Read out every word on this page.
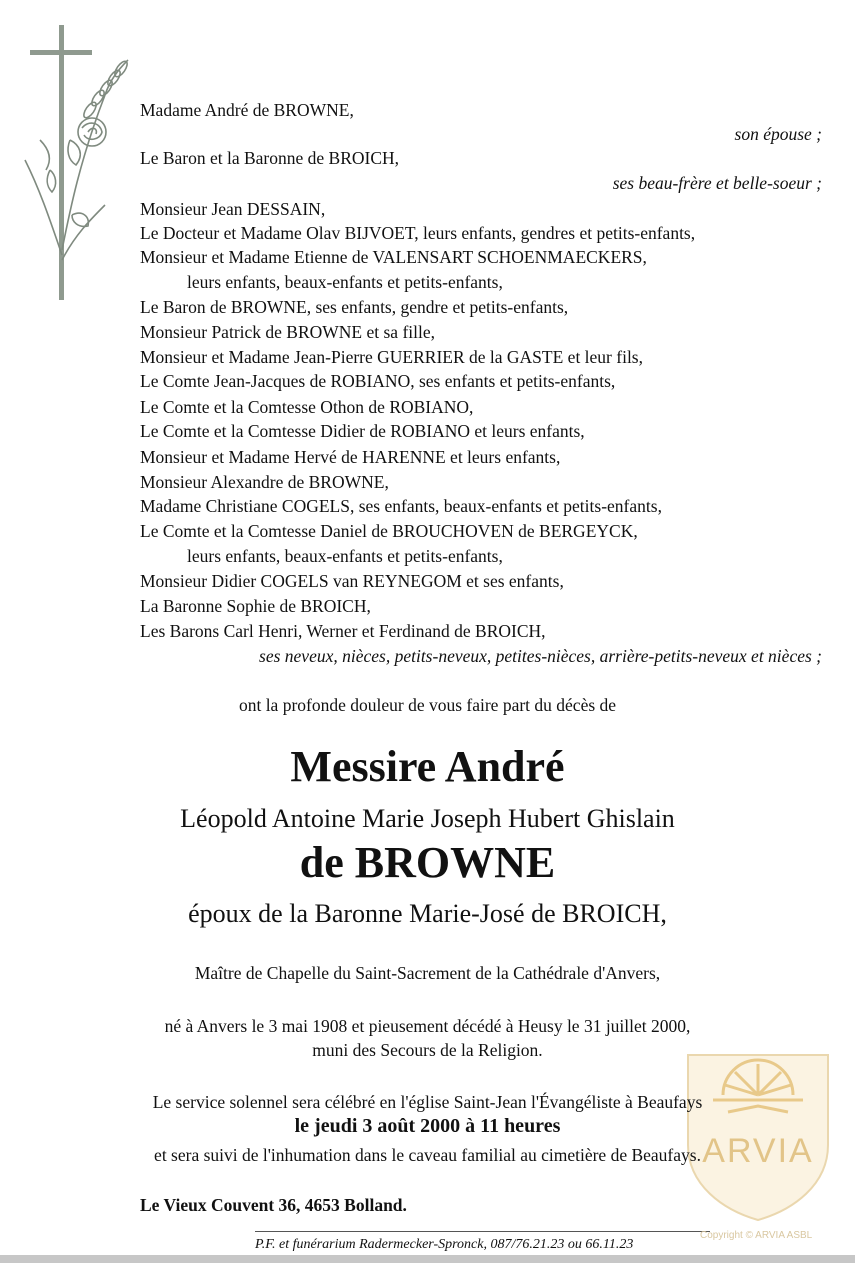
Madame André de BROWNE,
son épouse ;
Le Baron et la Baronne de BROICH,
ses beau-frère et belle-soeur ;
Monsieur Jean DESSAIN,
Le Docteur et Madame Olav BIJVOET, leurs enfants, gendres et petits-enfants,
Monsieur et Madame Etienne de VALENSART SCHOENMAECKERS,
leurs enfants, beaux-enfants et petits-enfants,
Le Baron de BROWNE, ses enfants, gendre et petits-enfants,
Monsieur Patrick de BROWNE et sa fille,
Monsieur et Madame Jean-Pierre GUERRIER de la GASTE et leur fils,
Le Comte Jean-Jacques de ROBIANO, ses enfants et petits-enfants,
Le Comte et la Comtesse Othon de ROBIANO,
Le Comte et la Comtesse Didier de ROBIANO et leurs enfants,
Monsieur et Madame Hervé de HARENNE et leurs enfants,
Monsieur Alexandre de BROWNE,
Madame Christiane COGELS, ses enfants, beaux-enfants et petits-enfants,
Le Comte et la Comtesse Daniel de BROUCHOVEN de BERGEYCK,
leurs enfants, beaux-enfants et petits-enfants,
Monsieur Didier COGELS van REYNEGOM et ses enfants,
La Baronne Sophie de BROICH,
Les Barons Carl Henri, Werner et Ferdinand de BROICH,
ses neveux, nièces, petits-neveux, petites-nièces, arrière-petits-neveux et nièces ;
ont la profonde douleur de vous faire part du décès de
Messire André
Léopold Antoine Marie Joseph Hubert Ghislain
de BROWNE
époux de la Baronne Marie-José de BROICH,
Maître de Chapelle du Saint-Sacrement de la Cathédrale d'Anvers,
né à Anvers le 3 mai 1908 et pieusement décédé à Heusy le 31 juillet 2000,
muni des Secours de la Religion.
ARVIA
Le service solennel sera célébré en l'église Saint-Jean l'Évangéliste à Beaufays
le jeudi 3 août 2000 à 11 heures
et sera suivi de l'inhumation dans le caveau familial au cimetière de Beaufays.
Le Vieux Couvent 36, 4653 Bolland.
P.F. et funérarium Radermecker-Spronck, 087/76.21.23 ou 66.11.23
Copyright © ARVIA ASBL
